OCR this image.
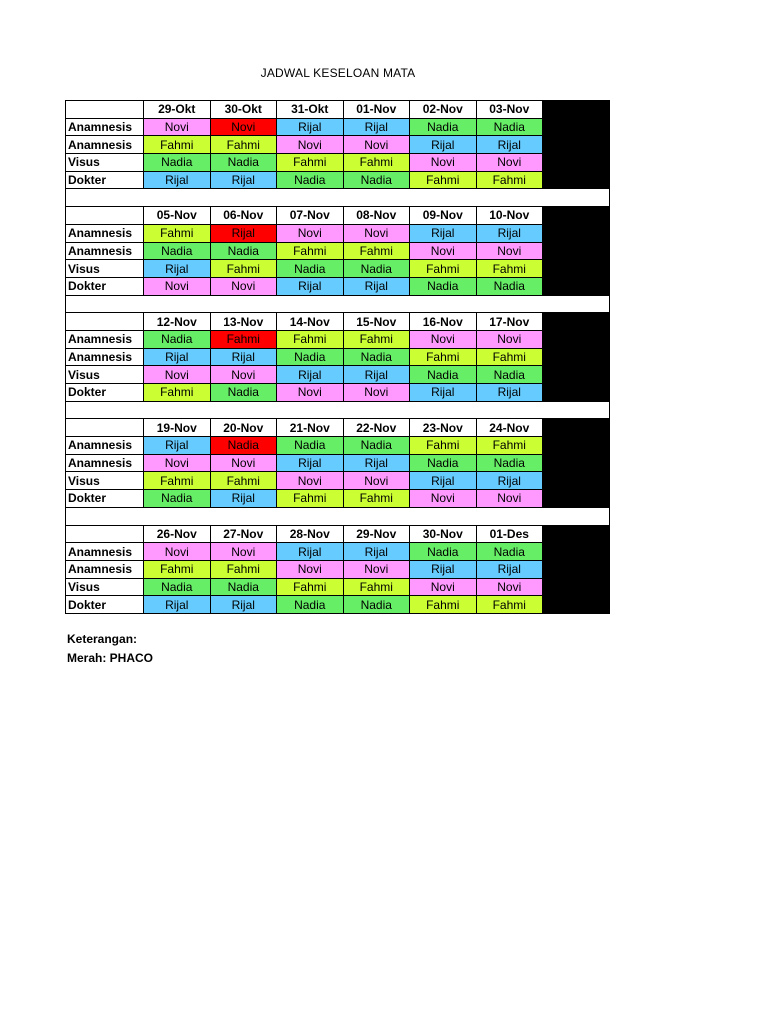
JADWAL KESELOAN MATA
	29-Okt	30-Okt	31-Okt	01-Nov	02-Nov	03-Nov	
Anamnesis	Novi	Novi	Rijal	Rijal	Nadia	Nadia	
Anamnesis	Fahmi	Fahmi	Novi	Novi	Rijal	Rijal	
Visus	Nadia	Nadia	Fahmi	Fahmi	Novi	Novi	
Dokter	Rijal	Rijal	Nadia	Nadia	Fahmi	Fahmi	

	05-Nov	06-Nov	07-Nov	08-Nov	09-Nov	10-Nov	
Anamnesis	Fahmi	Rijal	Novi	Novi	Rijal	Rijal	
Anamnesis	Nadia	Nadia	Fahmi	Fahmi	Novi	Novi	
Visus	Rijal	Fahmi	Nadia	Nadia	Fahmi	Fahmi	
Dokter	Novi	Novi	Rijal	Rijal	Nadia	Nadia	

	12-Nov	13-Nov	14-Nov	15-Nov	16-Nov	17-Nov	
Anamnesis	Nadia	Fahmi	Fahmi	Fahmi	Novi	Novi	
Anamnesis	Rijal	Rijal	Nadia	Nadia	Fahmi	Fahmi	
Visus	Novi	Novi	Rijal	Rijal	Nadia	Nadia	
Dokter	Fahmi	Nadia	Novi	Novi	Rijal	Rijal	

	19-Nov	20-Nov	21-Nov	22-Nov	23-Nov	24-Nov	
Anamnesis	Rijal	Nadia	Nadia	Nadia	Fahmi	Fahmi	
Anamnesis	Novi	Novi	Rijal	Rijal	Nadia	Nadia	
Visus	Fahmi	Fahmi	Novi	Novi	Rijal	Rijal	
Dokter	Nadia	Rijal	Fahmi	Fahmi	Novi	Novi	

	26-Nov	27-Nov	28-Nov	29-Nov	30-Nov	01-Des	
Anamnesis	Novi	Novi	Rijal	Rijal	Nadia	Nadia	
Anamnesis	Fahmi	Fahmi	Novi	Novi	Rijal	Rijal	
Visus	Nadia	Nadia	Fahmi	Fahmi	Novi	Novi	
Dokter	Rijal	Rijal	Nadia	Nadia	Fahmi	Fahmi	
Keterangan:
Merah: PHACO
